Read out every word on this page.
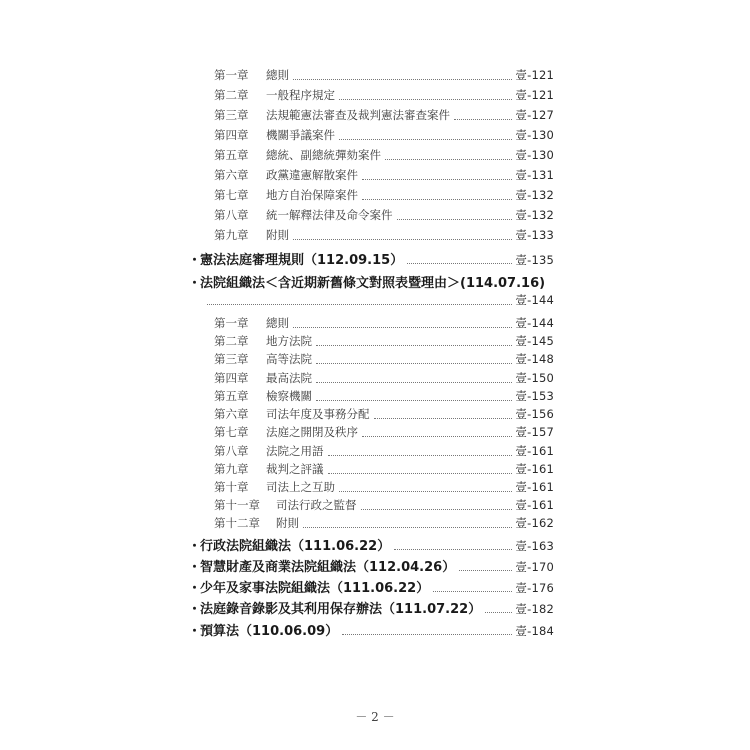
第一章	總則	壹-121
第二章	一般程序規定	壹-121
第三章	法規範憲法審查及裁判憲法審查案件	壹-127
第四章	機關爭議案件	壹-130
第五章	總統、副總統彈劾案件	壹-130
第六章	政黨違憲解散案件	壹-131
第七章	地方自治保障案件	壹-132
第八章	統一解釋法律及命令案件	壹-132
第九章	附則	壹-133
・
憲法法庭審理規則（112.09.15）	壹-135
・
法院組織法＜含近期新舊條文對照表暨理由＞(114.07.16)
壹-144
第一章	總則	壹-144
第二章	地方法院	壹-145
第三章	高等法院	壹-148
第四章	最高法院	壹-150
第五章	檢察機關	壹-153
第六章	司法年度及事務分配	壹-156
第七章	法庭之開閉及秩序	壹-157
第八章	法院之用語	壹-161
第九章	裁判之評議	壹-161
第十章	司法上之互助	壹-161
第十一章	司法行政之監督	壹-161
第十二章	附則	壹-162
・
行政法院組織法（111.06.22）	壹-163
・
智慧財產及商業法院組織法（112.04.26）	壹-170
・
少年及家事法院組織法（111.06.22）	壹-176
・
法庭錄音錄影及其利用保存辦法（111.07.22）	壹-182
・
預算法（110.06.09）	壹-184
－ 2 －
